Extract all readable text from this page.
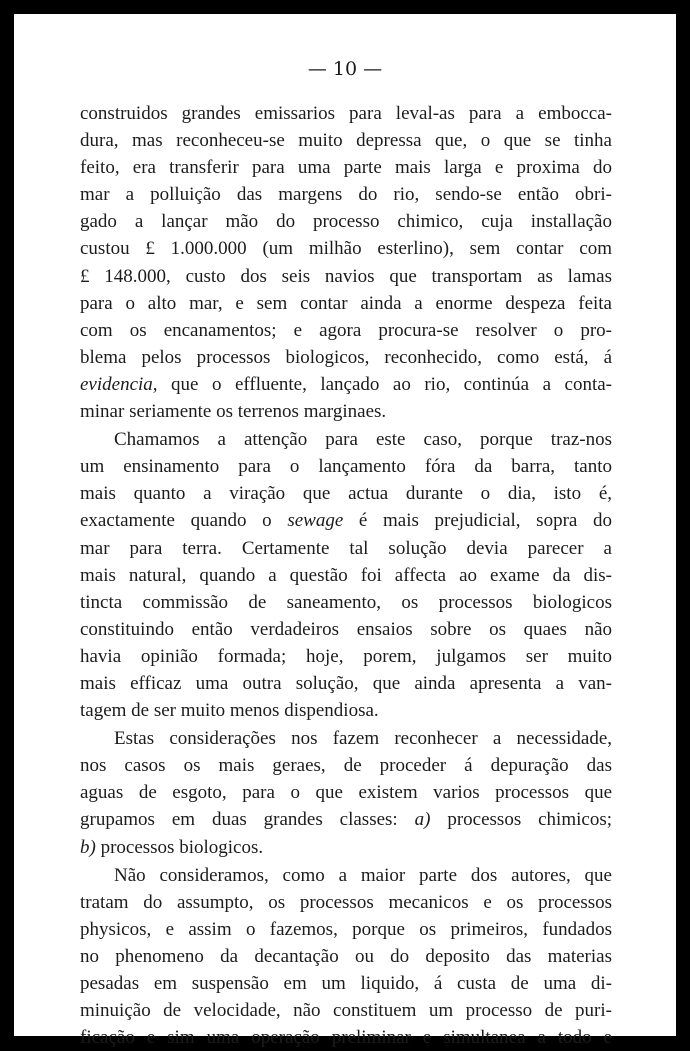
— 10 —
construidos grandes emissarios para leval-as para a embocca-
dura, mas reconheceu-se muito depressa que, o que se tinha
feito, era transferir para uma parte mais larga e proxima do
mar a polluição das margens do rio, sendo-se então obri-
gado a lançar mão do processo chimico, cuja installação
custou £ 1.000.000 (um milhão esterlino), sem contar com
£ 148.000, custo dos seis navios que transportam as lamas
para o alto mar, e sem contar ainda a enorme despeza feita
com os encanamentos; e agora procura-se resolver o pro-
blema pelos processos biologicos, reconhecido, como está, á
evidencia, que o effluente, lançado ao rio, continúa a conta-
minar seriamente os terrenos marginaes.
Chamamos a attenção para este caso, porque traz-nos
um ensinamento para o lançamento fóra da barra, tanto
mais quanto a viração que actua durante o dia, isto é,
exactamente quando o sewage é mais prejudicial, sopra do
mar para terra. Certamente tal solução devia parecer a
mais natural, quando a questão foi affecta ao exame da dis-
tincta commissão de saneamento, os processos biologicos
constituindo então verdadeiros ensaios sobre os quaes não
havia opinião formada; hoje, porem, julgamos ser muito
mais efficaz uma outra solução, que ainda apresenta a van-
tagem de ser muito menos dispendiosa.
Estas considerações nos fazem reconhecer a necessidade,
nos casos os mais geraes, de proceder á depuração das
aguas de esgoto, para o que existem varios processos que
grupamos em duas grandes classes: a) processos chimicos;
b) processos biologicos.
Não consideramos, como a maior parte dos autores, que
tratam do assumpto, os processos mecanicos e os processos
physicos, e assim o fazemos, porque os primeiros, fundados
no phenomeno da decantação ou do deposito das materias
pesadas em suspensão em um liquido, á custa de uma di-
minuição de velocidade, não constituem um processo de puri-
ficação e sim uma operação preliminar e simultanea a todo e
